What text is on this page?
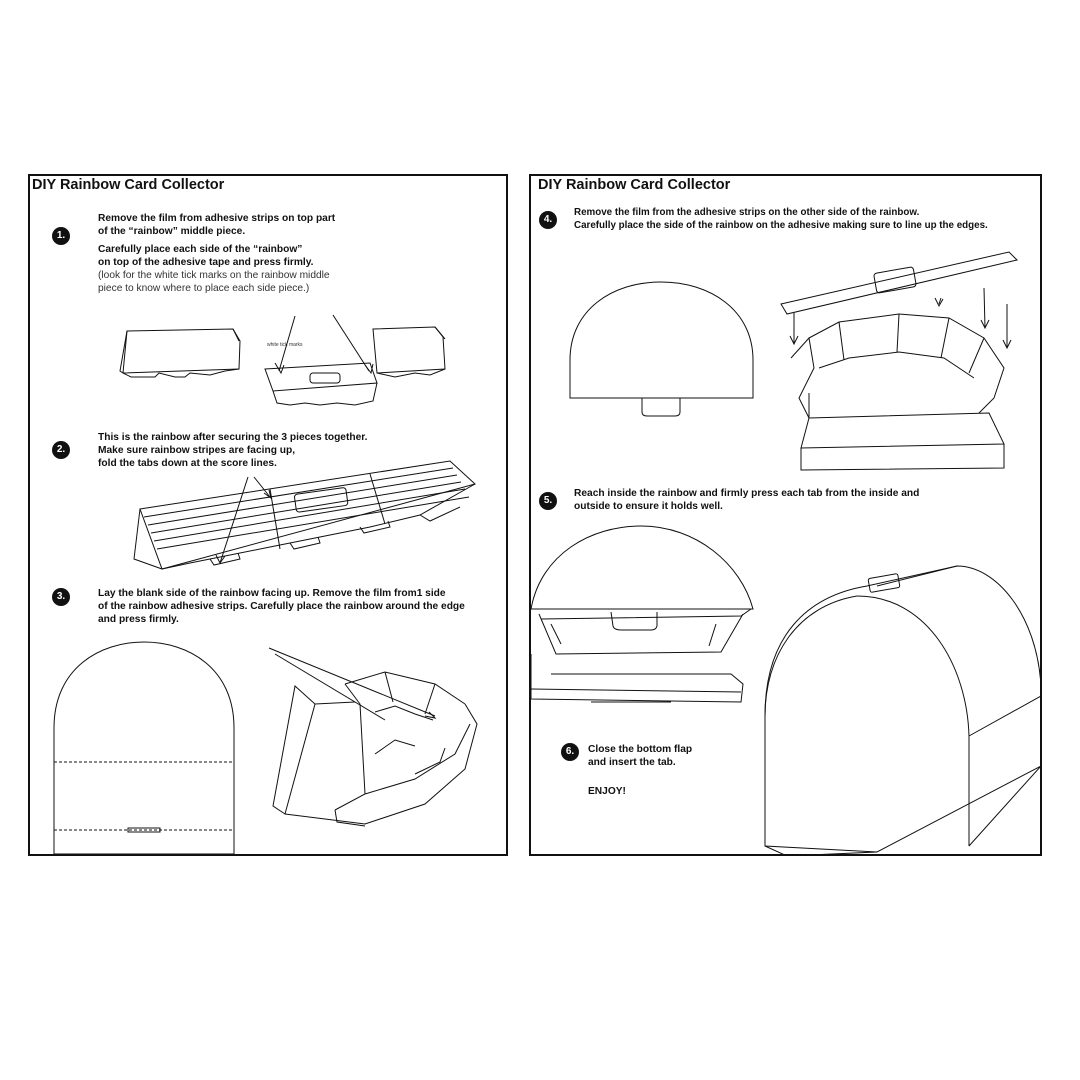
DIY Rainbow Card Collector
1.
Remove the film from adhesive strips on top part
of the “rainbow” middle piece.
Carefully place each side of the “rainbow”
on top of the adhesive tape and press firmly.
(look for the white tick marks on the rainbow middle
piece to know where to place each side piece.)
white tick marks
2.
This is the rainbow after securing the 3 pieces together.
Make sure rainbow stripes are facing up,
fold the tabs down at the score lines.
3.	Lay the blank side of the rainbow facing up. Remove the film from1 side
of the rainbow adhesive strips. Carefully place the rainbow around the edge
and press firmly.
DIY Rainbow Card Collector
4.
Remove the film from the adhesive strips on the other side of the rainbow.
Carefully place the side of the rainbow on the adhesive making sure to line up the edges.
5.
Reach inside the rainbow and firmly press each tab from the inside and
outside to ensure it holds well.
6.	Close the bottom flap
and insert the tab.
ENJOY!
